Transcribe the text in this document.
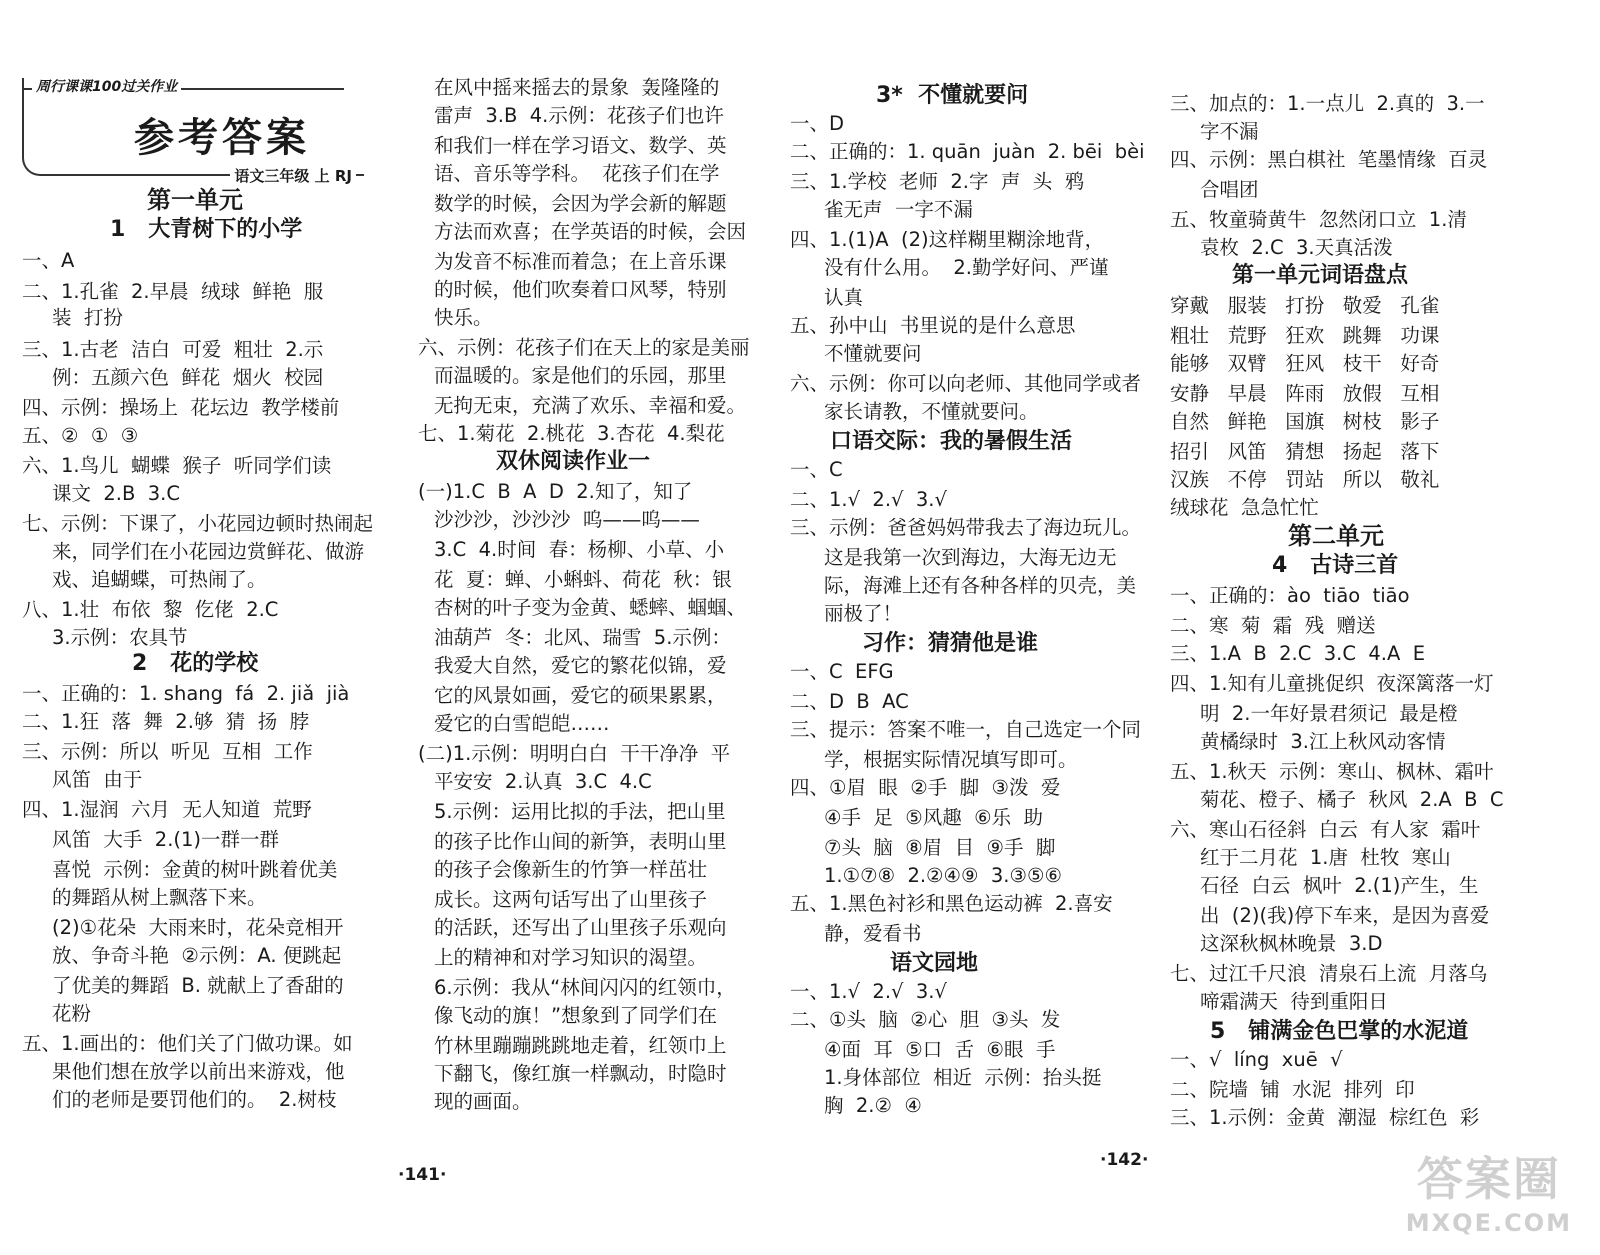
周行课课100过关作业
参考答案
语文三年级 上 RJ
第一单元
1   大青树下的小学
一、A
二、1.孔雀  2.早晨  绒球  鲜艳  服
装  打扮
三、1.古老  洁白  可爱  粗壮  2.示
例：五颜六色  鲜花  烟火  校园
四、示例：操场上  花坛边  教学楼前
五、②  ①  ③
六、1.鸟儿  蝴蝶  猴子  听同学们读
课文  2.B  3.C
七、示例：下课了，小花园边顿时热闹起
来，同学们在小花园边赏鲜花、做游
戏、追蝴蝶，可热闹了。
八、1.壮  布依  黎  仡佬  2.C
3.示例：农具节
2   花的学校
一、正确的：1. shang  fá  2. jiǎ  jià
二、1.狂  落  舞  2.够  猜  扬  脖
三、示例：所以  听见  互相  工作
风笛  由于
四、1.湿润  六月  无人知道  荒野
风笛  大手  2.(1)一群一群
喜悦  示例：金黄的树叶跳着优美
的舞蹈从树上飘落下来。
(2)①花朵  大雨来时，花朵竞相开
放、争奇斗艳  ②示例：A. 便跳起
了优美的舞蹈  B. 就献上了香甜的
花粉
五、1.画出的：他们关了门做功课。如
果他们想在放学以前出来游戏，他
们的老师是要罚他们的。  2.树枝
在风中摇来摇去的景象  轰隆隆的
雷声  3.B  4.示例：花孩子们也许
和我们一样在学习语文、数学、英
语、音乐等学科。  花孩子们在学
数学的时候，会因为学会新的解题
方法而欢喜；在学英语的时候，会因
为发音不标准而着急；在上音乐课
的时候，他们吹奏着口风琴，特别
快乐。
六、示例：花孩子们在天上的家是美丽
而温暖的。家是他们的乐园，那里
无拘无束，充满了欢乐、幸福和爱。
七、1.菊花  2.桃花  3.杏花  4.梨花
双休阅读作业一
(一)1.C  B  A  D  2.知了，知了
沙沙沙，沙沙沙  呜——呜——
3.C  4.时间  春：杨柳、小草、小
花  夏：蝉、小蝌蚪、荷花  秋：银
杏树的叶子变为金黄、蟋蟀、蝈蝈、
油葫芦  冬：北风、瑞雪  5.示例：
我爱大自然，爱它的繁花似锦，爱
它的风景如画，爱它的硕果累累，
爱它的白雪皑皑……
(二)1.示例：明明白白  干干净净  平
平安安  2.认真  3.C  4.C
5.示例：运用比拟的手法，把山里
的孩子比作山间的新笋，表明山里
的孩子会像新生的竹笋一样茁壮
成长。这两句话写出了山里孩子
的活跃，还写出了山里孩子乐观向
上的精神和对学习知识的渴望。
6.示例：我从“林间闪闪的红领巾，
像飞动的旗！”想象到了同学们在
竹林里蹦蹦跳跳地走着，红领巾上
下翻飞，像红旗一样飘动，时隐时
现的画面。
3*  不懂就要问
一、D
二、正确的：1. quān  juàn  2. bēi  bèi
三、1.学校  老师  2.字  声  头  鸦
雀无声  一字不漏
四、1.(1)A  (2)这样糊里糊涂地背，
没有什么用。  2.勤学好问、严谨
认真
五、孙中山  书里说的是什么意思
不懂就要问
六、示例：你可以向老师、其他同学或者
家长请教，不懂就要问。
口语交际：我的暑假生活
一、C
二、1.√  2.√  3.√
三、示例：爸爸妈妈带我去了海边玩儿。
这是我第一次到海边，大海无边无
际，海滩上还有各种各样的贝壳，美
丽极了！
习作：猜猜他是谁
一、C  EFG
二、D  B  AC
三、提示：答案不唯一，自己选定一个同
学，根据实际情况填写即可。
四、①眉  眼  ②手  脚  ③泼  爱
④手  足  ⑤风趣  ⑥乐  助
⑦头  脑  ⑧眉  目  ⑨手  脚
1.①⑦⑧  2.②④⑨  3.③⑤⑥
五、1.黑色衬衫和黑色运动裤  2.喜安
静，爱看书
语文园地
一、1.√  2.√  3.√
二、①头  脑  ②心  胆  ③头  发
④面  耳  ⑤口  舌  ⑥眼  手
1.身体部位  相近  示例：抬头挺
胸  2.②  ④
三、加点的：1.一点儿  2.真的  3.一
字不漏
四、示例：黑白棋社  笔墨情缘  百灵
合唱团
五、牧童骑黄牛  忽然闭口立  1.清
袁枚  2.C  3.天真活泼
第一单元词语盘点
穿戴   服装   打扮   敬爱   孔雀
粗壮   荒野   狂欢   跳舞   功课
能够   双臂   狂风   枝干   好奇
安静   早晨   阵雨   放假   互相
自然   鲜艳   国旗   树枝   影子
招引   风笛   猜想   扬起   落下
汉族   不停   罚站   所以   敬礼
绒球花  急急忙忙
第二单元
4   古诗三首
一、正确的：ào  tiāo  tiāo
二、寒  菊  霜  残  赠送
三、1.A  B  2.C  3.C  4.A  E
四、1.知有儿童挑促织  夜深篱落一灯
明  2.一年好景君须记  最是橙
黄橘绿时  3.江上秋风动客情
五、1.秋天  示例：寒山、枫林、霜叶
菊花、橙子、橘子  秋风  2.A  B  C
六、寒山石径斜  白云  有人家  霜叶
红于二月花  1.唐  杜牧  寒山
石径  白云  枫叶  2.(1)产生，生
出  (2)(我)停下车来，是因为喜爱
这深秋枫林晚景  3.D
七、过江千尺浪  清泉石上流  月落乌
啼霜满天  待到重阳日
5   铺满金色巴掌的水泥道
一、√  líng  xuē  √
二、院墙  铺  水泥  排列  印
三、1.示例：金黄  潮湿  棕红色  彩
·141·
·142·	答案圈
MXQE.COM
